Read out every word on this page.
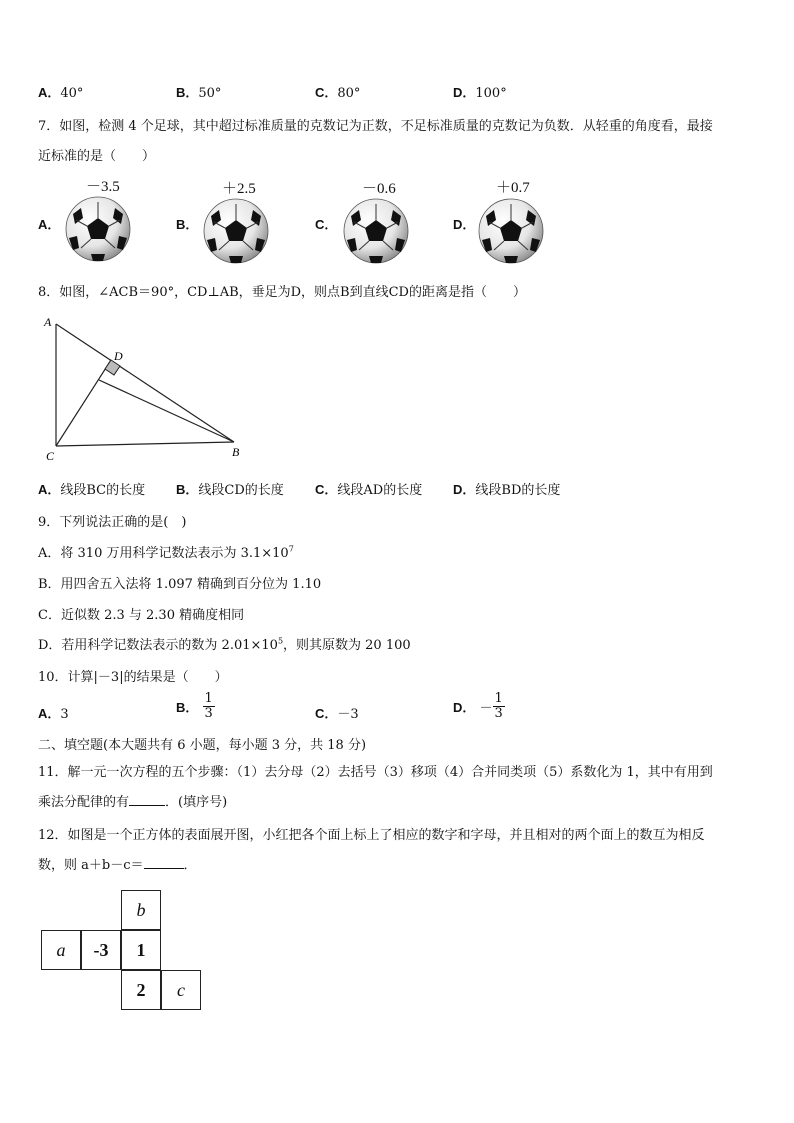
A．40°	B．50°	C．80°	D．100°
7．如图，检测 4 个足球，其中超过标准质量的克数记为正数，不足标准质量的克数记为负数．从轻重的角度看，最接
近标准的是（　　）
－3.5
A．
＋2.5
B．
－0.6
C．
＋0.7
D．
8．如图，∠ACB＝90°，CD⊥AB，垂足为D，则点B到直线CD的距离是指（　　）
A
D
C	B
A．线段BC的长度 B．线段CD的长度 C．线段AD的长度 D．线段BD的长度
9．下列说法正确的是(　)
A．将 310 万用科学记数法表示为 $3.1\times 10^7$
B．用四舍五入法将 1.097 精确到百分位为 1.10
C．近似数 2.3 与 2.30 精确度相同
D．若用科学记数法表示的数为 $2.01\times 10^5$，则其原数为 20 100
10．计算|－3|的结果是（　　）
A．3	B． $\frac{1}{3}$	C．－3	D． － $\frac{1}{3}$
二、填空题(本大题共有 6 小题，每小题 3 分，共 18 分)
11．解一元一次方程的五个步骤：（1）去分母（2）去括号（3）移项（4）合并同类项（5）系数化为 1，其中有用到
乘法分配律的有	．(填序号)
12．如图是一个正方体的表面展开图，小红把各个面上标上了相应的数字和字母，并且相对的两个面上的数互为相反
数，则 a＋b－c＝	．
b
a	-3	1
2	c
